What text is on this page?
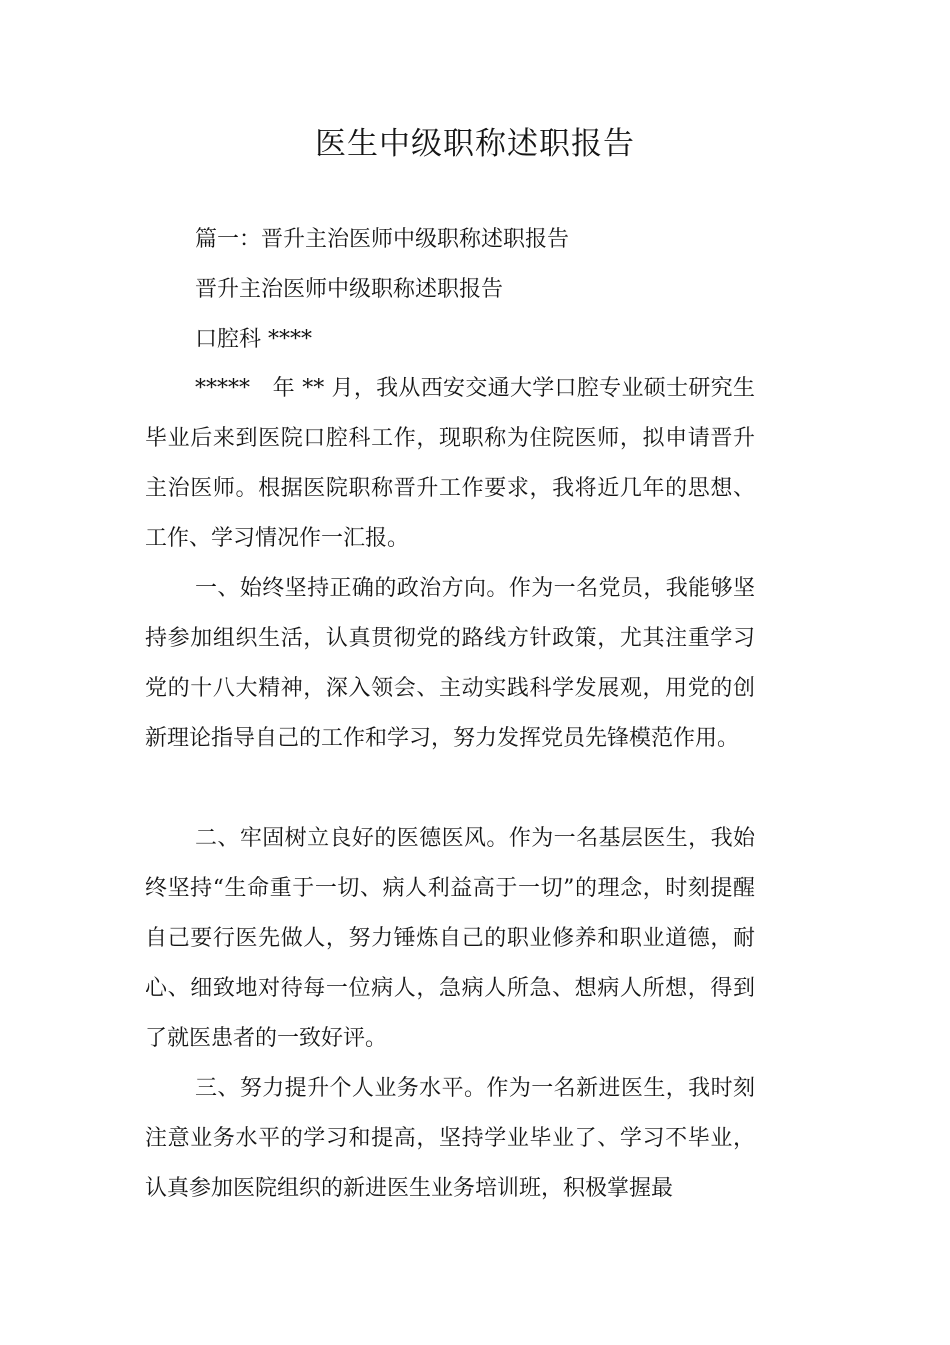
医生中级职称述职报告
篇一：晋升主治医师中级职称述职报告
晋升主治医师中级职称述职报告
口腔科 ****

*****　年 ** 月，我从西安交通大学口腔专业硕士研究生毕业后来到医院口腔科工作，现职称为住院医师，拟申请晋升主治医师。根据医院职称晋升工作要求，我将近几年的思想、工作、学习情况作一汇报。

一、始终坚持正确的政治方向。作为一名党员，我能够坚持参加组织生活，认真贯彻党的路线方针政策，尤其注重学习党的十八大精神，深入领会、主动实践科学发展观，用党的创新理论指导自己的工作和学习，努力发挥党员先锋模范作用。

二、牢固树立良好的医德医风。作为一名基层医生，我始终坚持“生命重于一切、病人利益高于一切”的理念，时刻提醒自己要行医先做人，努力锤炼自己的职业修养和职业道德，耐心、细致地对待每一位病人，急病人所急、想病人所想，得到了就医患者的一致好评。

三、努力提升个人业务水平。作为一名新进医生，我时刻注意业务水平的学习和提高，坚持学业毕业了、学习不毕业，认真参加医院组织的新进医生业务培训班，积极掌握最
